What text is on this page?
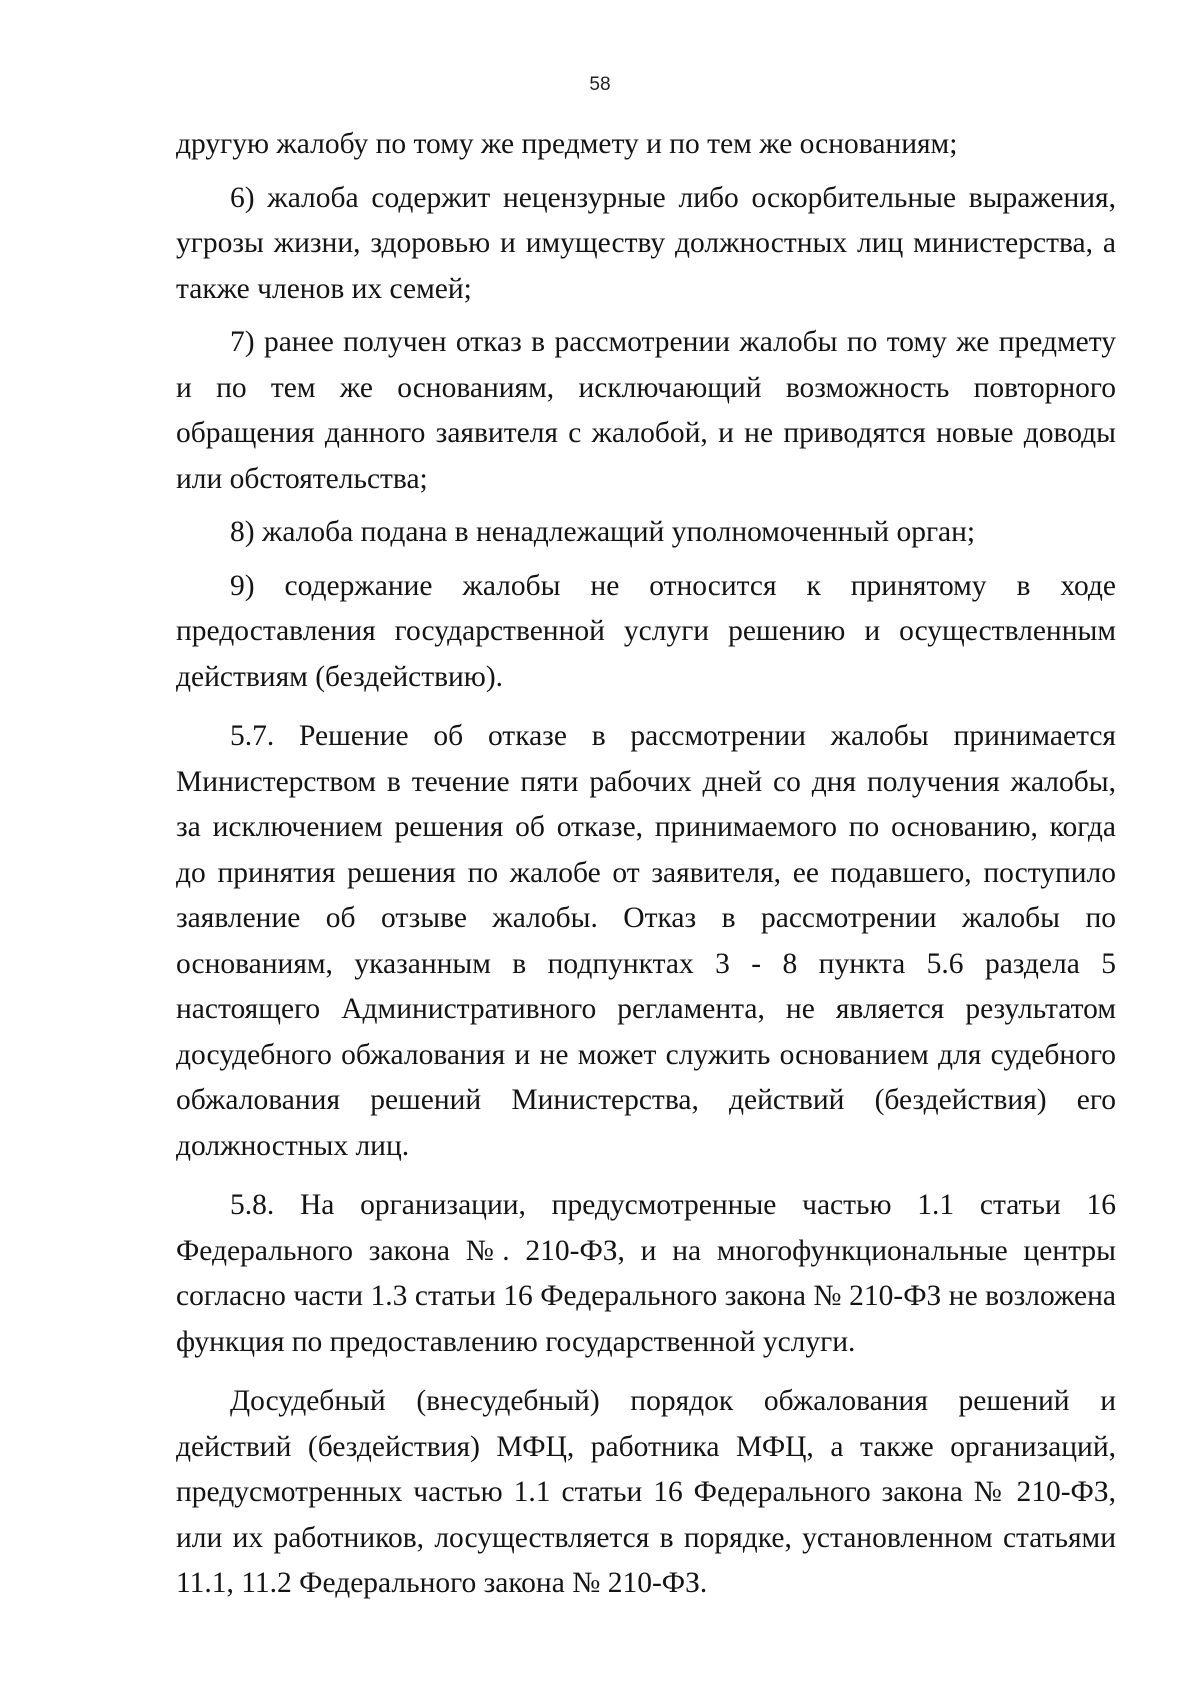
58

другую жалобу по тому же предмету и по тем же основаниям;

6) жалоба содержит нецензурные либо оскорбительные выражения, угрозы жизни, здоровью и имуществу должностных лиц министерства, а также членов их семей;

7) ранее получен отказ в рассмотрении жалобы по тому же предмету и по тем же основаниям, исключающий возможность повторного обращения данного заявителя с жалобой, и не приводятся новые доводы или обстоятельства;

8) жалоба подана в ненадлежащий уполномоченный орган;

9) содержание жалобы не относится к принятому в ходе предоставления государственной услуги решению и осуществленным действиям (бездействию).

5.7. Решение об отказе в рассмотрении жалобы принимается Министерством в течение пяти рабочих дней со дня получения жалобы, за исключением решения об отказе, принимаемого по основанию, когда до принятия решения по жалобе от заявителя, ее подавшего, поступило заявление об отзыве жалобы. Отказ в рассмотрении жалобы по основаниям, указанным в подпунктах 3 - 8 пункта 5.6 раздела 5 настоящего Административного регламента, не является результатом досудебного обжалования и не может служить основанием для судебного обжалования решений Министерства, действий (бездействия) его должностных лиц.

5.8. На организации, предусмотренные частью 1.1 статьи 16 Федерального закона №. 210-ФЗ, и на многофункциональные центры согласно части 1.3 статьи 16 Федерального закона № 210-ФЗ не возложена функция по предоставлению государственной услуги.

Досудебный (внесудебный) порядок обжалования решений и действий (бездействия) МФЦ, работника МФЦ, а также организаций, предусмотренных частью 1.1 статьи 16 Федерального закона № 210-ФЗ, или их работников, лосуществляется в порядке, установленном статьями 11.1, 11.2 Федерального закона № 210-ФЗ.
